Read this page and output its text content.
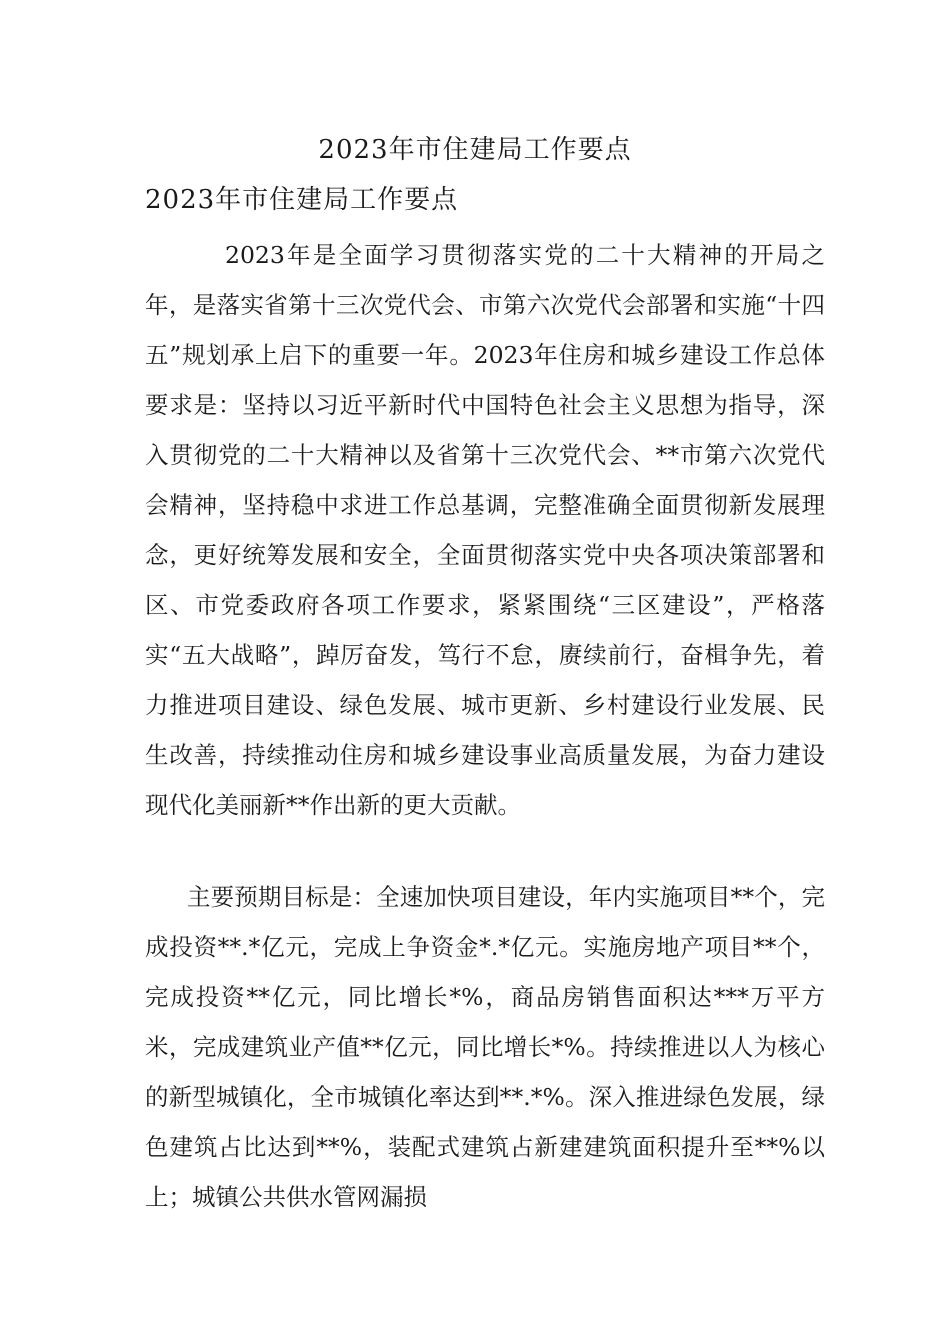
2023年市住建局工作要点
2023年市住建局工作要点
2023年是全面学习贯彻落实党的二十大精神的开局之年，是落实省第十三次党代会、市第六次党代会部署和实施“十四五”规划承上启下的重要一年。2023年住房和城乡建设工作总体要求是：坚持以习近平新时代中国特色社会主义思想为指导，深入贯彻党的二十大精神以及省第十三次党代会、**市第六次党代会精神，坚持稳中求进工作总基调，完整准确全面贯彻新发展理念，更好统筹发展和安全，全面贯彻落实党中央各项决策部署和区、市党委政府各项工作要求，紧紧围绕“三区建设”，严格落实“五大战略”，踔厉奋发，笃行不怠，赓续前行，奋楫争先，着力推进项目建设、绿色发展、城市更新、乡村建设行业发展、民生改善，持续推动住房和城乡建设事业高质量发展，为奋力建设现代化美丽新**作出新的更大贡献。
主要预期目标是：全速加快项目建设，年内实施项目**个，完成投资**.*亿元，完成上争资金*.*亿元。实施房地产项目**个，完成投资**亿元，同比增长*%，商品房销售面积达***万平方米，完成建筑业产值**亿元，同比增长*%。持续推进以人为核心的新型城镇化，全市城镇化率达到**.*%。深入推进绿色发展，绿色建筑占比达到**%，装配式建筑占新建建筑面积提升至**%以上；城镇公共供水管网漏损
